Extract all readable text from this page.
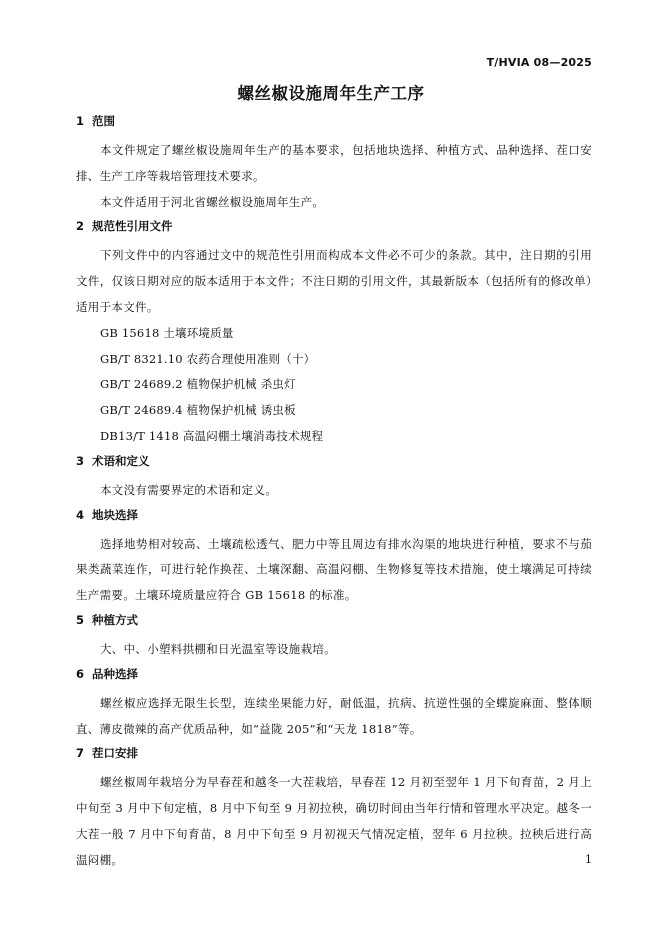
T/HVIA 08—2025
螺丝椒设施周年生产工序
1 范围

本文件规定了螺丝椒设施周年生产的基本要求，包括地块选择、种植方式、品种选择、茬口安排、生产工序等栽培管理技术要求。

本文件适用于河北省螺丝椒设施周年生产。

2 规范性引用文件

下列文件中的内容通过文中的规范性引用而构成本文件必不可少的条款。其中，注日期的引用文件，仅该日期对应的版本适用于本文件；不注日期的引用文件，其最新版本（包括所有的修改单）适用于本文件。

GB 15618 土壤环境质量

GB/T 8321.10 农药合理使用准则（十）

GB/T 24689.2 植物保护机械 杀虫灯

GB/T 24689.4 植物保护机械 诱虫板

DB13/T 1418 高温闷棚土壤消毒技术规程

3 术语和定义

本文没有需要界定的术语和定义。

4 地块选择

选择地势相对较高、土壤疏松透气、肥力中等且周边有排水沟渠的地块进行种植，要求不与茄果类蔬菜连作，可进行轮作换茬、土壤深翻、高温闷棚、生物修复等技术措施，使土壤满足可持续生产需要。土壤环境质量应符合 GB 15618 的标准。

5 种植方式

大、中、小塑料拱棚和日光温室等设施栽培。

6 品种选择

螺丝椒应选择无限生长型，连续坐果能力好，耐低温，抗病、抗逆性强的全蝶旋麻面、整体顺直、薄皮微辣的高产优质品种，如“益陇 205”和“天龙 1818”等。

7 茬口安排

螺丝椒周年栽培分为早春茬和越冬一大茬栽培，早春茬 12 月初至翌年 1 月下旬育苗，2 月上中旬至 3 月中下旬定植，8 月中下旬至 9 月初拉秧，确切时间由当年行情和管理水平决定。越冬一大茬一般 7 月中下旬育苗，8 月中下旬至 9 月初视天气情况定植，翌年 6 月拉秧。拉秧后进行高温闷棚。	1
